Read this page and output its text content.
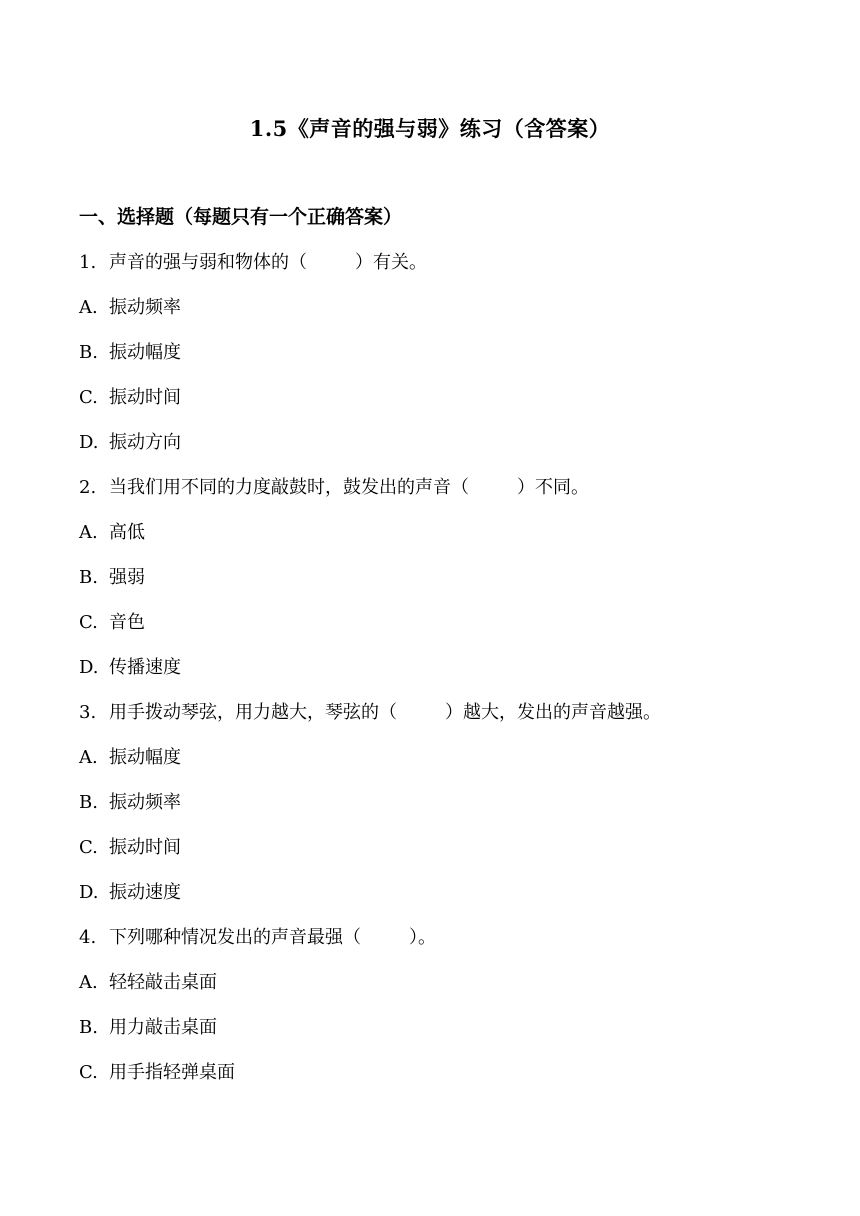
1.5《声音的强与弱》练习（含答案）
一、选择题（每题只有一个正确答案）
1. 声音的强与弱和物体的（	）有关。
A. 振动频率
B. 振动幅度
C. 振动时间
D. 振动方向
2. 当我们用不同的力度敲鼓时，鼓发出的声音（	）不同。
A. 高低
B. 强弱
C. 音色
D. 传播速度
3. 用手拨动琴弦，用力越大，琴弦的（	）越大，发出的声音越强。
A. 振动幅度
B. 振动频率
C. 振动时间
D. 振动速度
4. 下列哪种情况发出的声音最强（	）。
A. 轻轻敲击桌面
B. 用力敲击桌面
C. 用手指轻弹桌面
